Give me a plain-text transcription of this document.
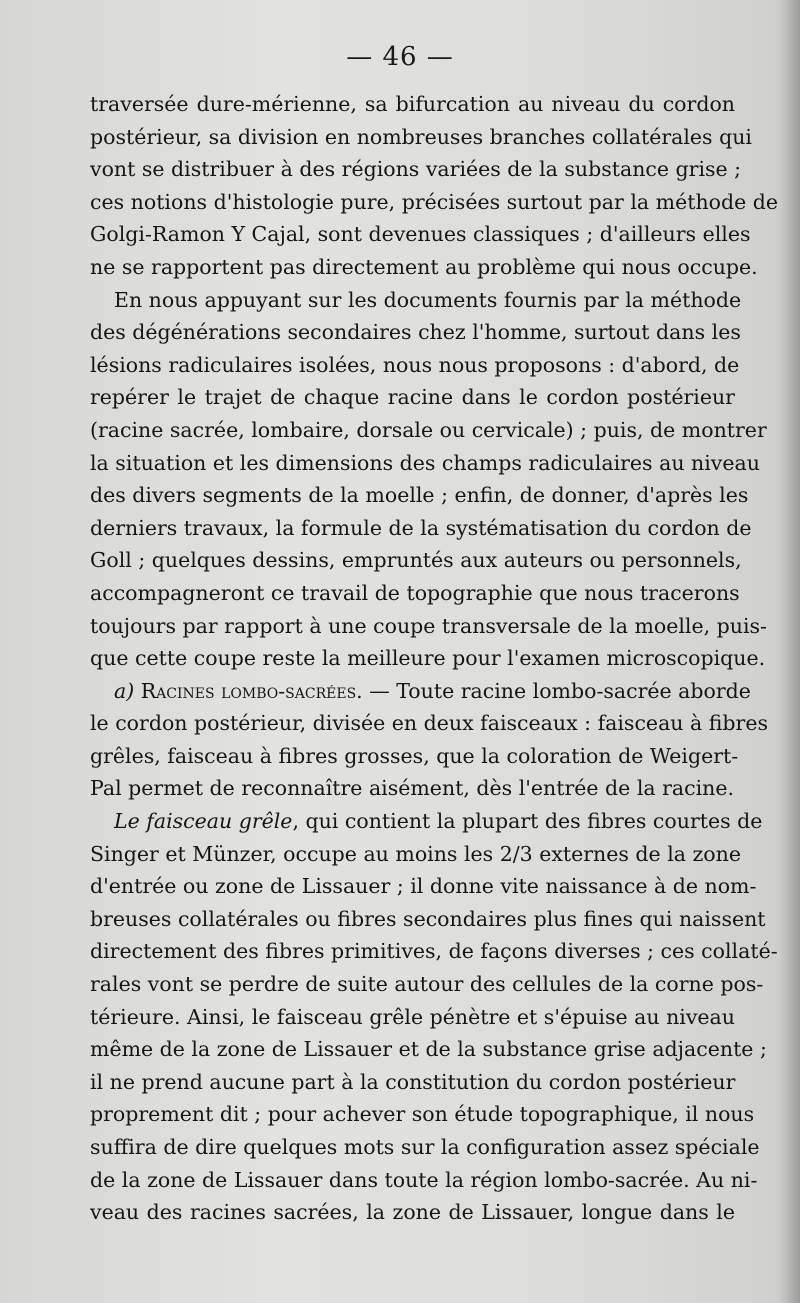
— 46 —
traversée dure-mérienne, sa bifurcation au niveau du cordon
postérieur, sa division en nombreuses branches collatérales qui
vont se distribuer à des régions variées de la substance grise ;
ces notions d'histologie pure, précisées surtout par la méthode de
Golgi-Ramon Y Cajal, sont devenues classiques ; d'ailleurs elles
ne se rapportent pas directement au problème qui nous occupe.
En nous appuyant sur les documents fournis par la méthode
des dégénérations secondaires chez l'homme, surtout dans les
lésions radiculaires isolées, nous nous proposons : d'abord, de
repérer le trajet de chaque racine dans le cordon postérieur
(racine sacrée, lombaire, dorsale ou cervicale) ; puis, de montrer
la situation et les dimensions des champs radiculaires au niveau
des divers segments de la moelle ; enfin, de donner, d'après les
derniers travaux, la formule de la systématisation du cordon de
Goll ; quelques dessins, empruntés aux auteurs ou personnels,
accompagneront ce travail de topographie que nous tracerons
toujours par rapport à une coupe transversale de la moelle, puis-
que cette coupe reste la meilleure pour l'examen microscopique.
a) Racines lombo-sacrées. — Toute racine lombo-sacrée aborde
le cordon postérieur, divisée en deux faisceaux : faisceau à fibres
grêles, faisceau à fibres grosses, que la coloration de Weigert-
Pal permet de reconnaître aisément, dès l'entrée de la racine.
Le faisceau grêle, qui contient la plupart des fibres courtes de
Singer et Münzer, occupe au moins les 2/3 externes de la zone
d'entrée ou zone de Lissauer ; il donne vite naissance à de nom-
breuses collatérales ou fibres secondaires plus fines qui naissent
directement des fibres primitives, de façons diverses ; ces collaté-
rales vont se perdre de suite autour des cellules de la corne pos-
térieure. Ainsi, le faisceau grêle pénètre et s'épuise au niveau
même de la zone de Lissauer et de la substance grise adjacente ;
il ne prend aucune part à la constitution du cordon postérieur
proprement dit ; pour achever son étude topographique, il nous
suffira de dire quelques mots sur la configuration assez spéciale
de la zone de Lissauer dans toute la région lombo-sacrée. Au ni-
veau des racines sacrées, la zone de Lissauer, longue dans le
